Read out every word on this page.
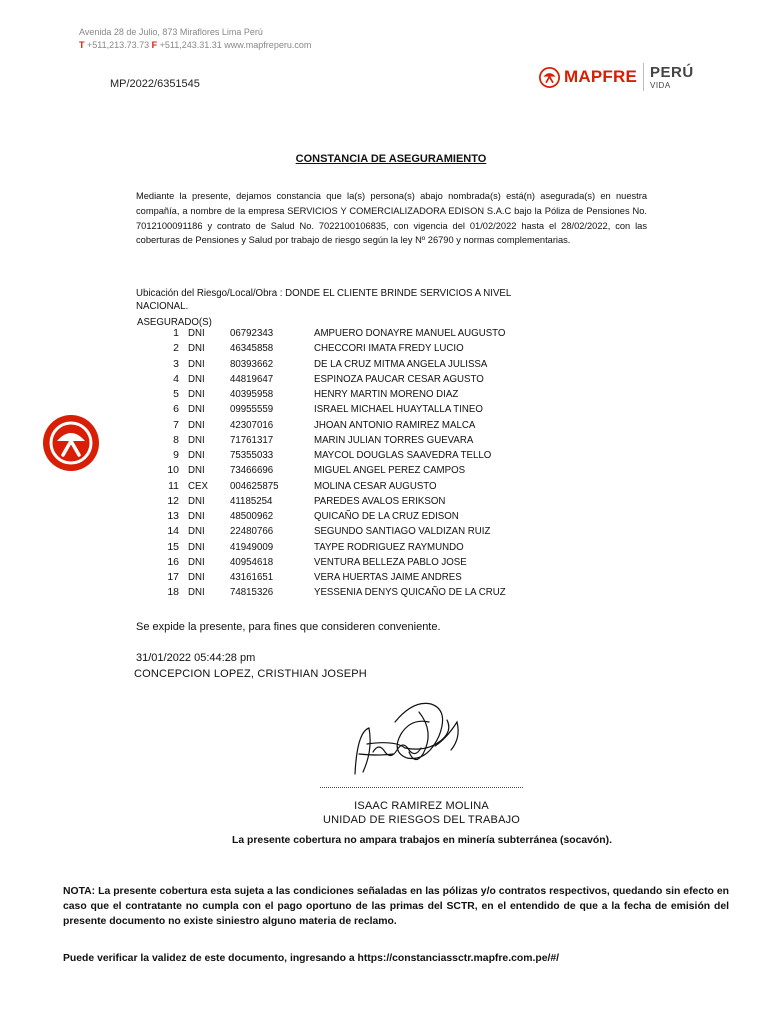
Avenida 28 de Julio, 873 Miraflores Lima Perú
T +511,213.73.73 F +511,243.31.31 www.mapfreperu.com
MP/2022/6351545	MAPFRE PERÚ
VIDA
CONSTANCIA DE ASEGURAMIENTO
Mediante la presente, dejamos constancia que la(s) persona(s) abajo nombrada(s) está(n) asegurada(s) en nuestra compañía, a nombre de la empresa SERVICIOS Y COMERCIALIZADORA EDISON S.A.C bajo la Póliza de Pensiones No. 7012100091186 y contrato de Salud No. 7022100106835, con vigencia del 01/02/2022 hasta el 28/02/2022, con las coberturas de Pensiones y Salud por trabajo de riesgo según la ley Nº 26790 y normas complementarias.
Ubicación del Riesgo/Local/Obra : DONDE EL CLIENTE BRINDE SERVICIOS A NIVEL NACIONAL.
ASEGURADO(S)
1 DNI	06792343	AMPUERO DONAYRE MANUEL AUGUSTO
2 DNI	46345858	CHECCORI IMATA FREDY LUCIO
3 DNI	80393662	DE LA CRUZ MITMA ANGELA JULISSA
4 DNI	44819647	ESPINOZA PAUCAR CESAR AGUSTO
5 DNI	40395958	HENRY MARTIN MORENO DIAZ
6 DNI	09955559	ISRAEL MICHAEL HUAYTALLA TINEO
7 DNI	42307016	JHOAN ANTONIO RAMIREZ MALCA
8 DNI	71761317	MARIN JULIAN TORRES GUEVARA
9 DNI	75355033	MAYCOL DOUGLAS SAAVEDRA TELLO
10 DNI	73466696	MIGUEL ANGEL PEREZ CAMPOS
11 CEX 004625875	MOLINA CESAR AUGUSTO
12 DNI	41185254	PAREDES AVALOS ERIKSON
13 DNI	48500962	QUICAÑO DE LA CRUZ EDISON
14 DNI	22480766	SEGUNDO SANTIAGO VALDIZAN RUIZ
15 DNI	41949009	TAYPE RODRIGUEZ RAYMUNDO
16 DNI	40954618	VENTURA BELLEZA PABLO JOSE
17 DNI	43161651	VERA HUERTAS JAIME ANDRES
18 DNI	74815326	YESSENIA DENYS QUICAÑO DE LA CRUZ
Se expide la presente, para fines que consideren conveniente.
31/01/2022 05:44:28 pm
CONCEPCION LOPEZ, CRISTHIAN JOSEPH
ISAAC RAMIREZ MOLINA
UNIDAD DE RIESGOS DEL TRABAJO
La presente cobertura no ampara trabajos en minería subterránea (socavón).
NOTA: La presente cobertura esta sujeta a las condiciones señaladas en las pólizas y/o contratos respectivos, quedando sin efecto en caso que el contratante no cumpla con el pago oportuno de las primas del SCTR, en el entendido de que a la fecha de emisión del presente documento no existe siniestro alguno materia de reclamo.
Puede verificar la validez de este documento, ingresando a https://constanciassctr.mapfre.com.pe/#/
